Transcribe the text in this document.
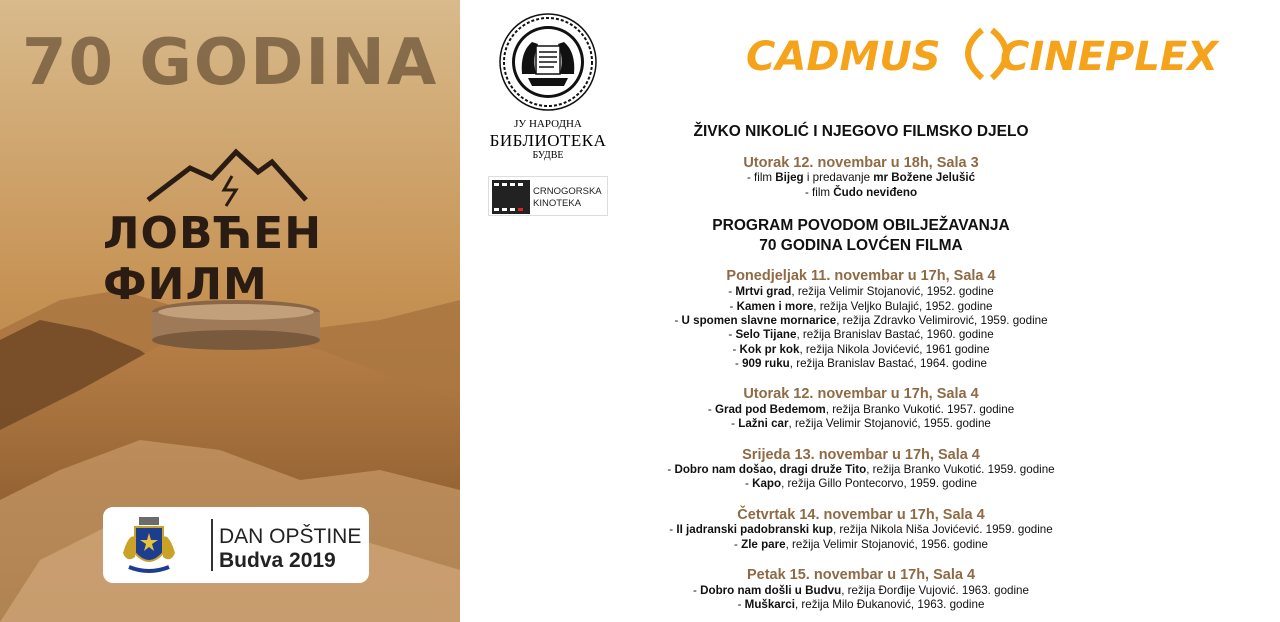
70 GODINA
ЛОВЋЕН ФИЛМ
DAN OPŠTINE
Budva 2019
ЈУ НАРОДНА
БИБЛИОТЕКА
БУДВЕ
CRNOGORSKA
KINOTEKA
CADMUS CINEPLEX
ŽIVKO NIKOLIĆ I NJEGOVO FILMSKO DJELO
Utorak 12. novembar u 18h, Sala 3
- film Bijeg i predavanje mr Božene Jelušić
- film Čudo neviđeno
PROGRAM POVODOM OBILJEŽAVANJA
70 GODINA LOVĆEN FILMA
Ponedjeljak 11. novembar u 17h, Sala 4
- Mrtvi grad, režija Velimir Stojanović, 1952. godine
- Kamen i more, režija Veljko Bulajić, 1952. godine
- U spomen slavne mornarice, režija Zdravko Velimirović, 1959. godine
- Selo Tijane, režija Branislav Bastać, 1960. godine
- Kok pr kok, režija Nikola Jovićević, 1961 godine
- 909 ruku, režija Branislav Bastać, 1964. godine
Utorak 12. novembar u 17h, Sala 4
- Grad pod Bedemom, režija Branko Vukotić. 1957. godine
- Lažni car, režija Velimir Stojanović, 1955. godine
Srijeda 13. novembar u 17h, Sala 4
- Dobro nam došao, dragi druže Tito, režija Branko Vukotić. 1959. godine
- Kapo, režija Gillo Pontecorvo, 1959. godine
Četvrtak 14. novembar u 17h, Sala 4
- II jadranski padobranski kup, režija Nikola Niša Jovićević. 1959. godine
- Zle pare, režija Velimir Stojanović, 1956. godine
Petak 15. novembar u 17h, Sala 4
- Dobro nam došli u Budvu, režija Đorđije Vujović. 1963. godine
- Muškarci, režija Milo Đukanović, 1963. godine
